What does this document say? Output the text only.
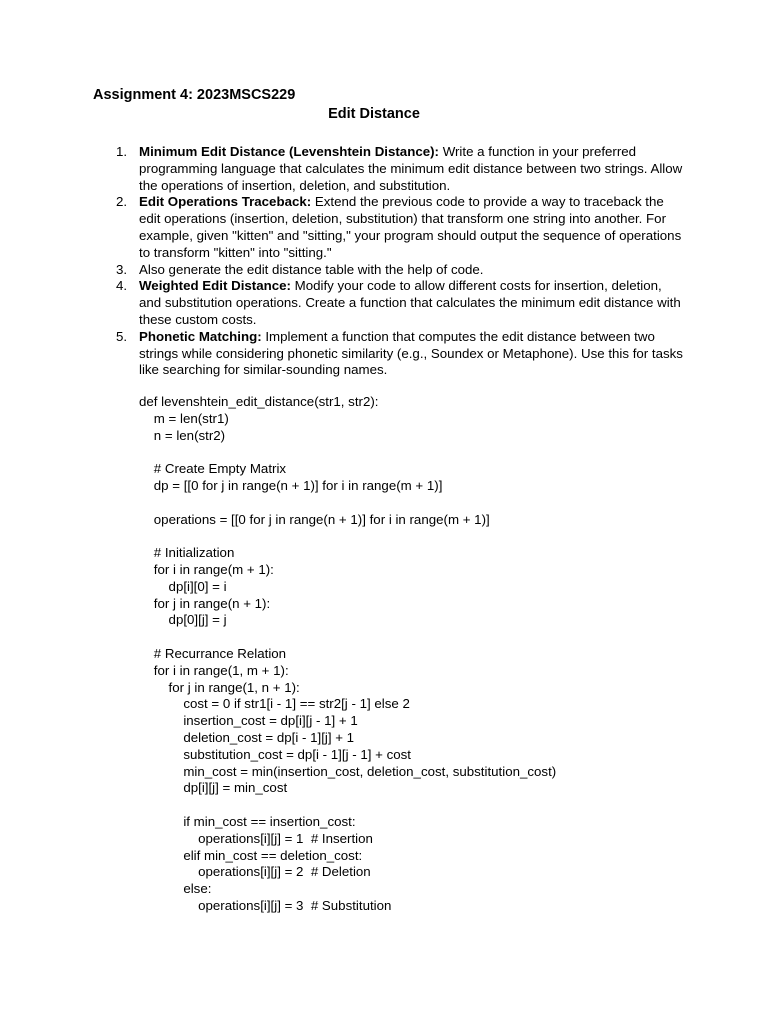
Assignment 4: 2023MSCS229
Edit Distance
1. Minimum Edit Distance (Levenshtein Distance): Write a function in your preferred programming language that calculates the minimum edit distance between two strings. Allow the operations of insertion, deletion, and substitution.
2. Edit Operations Traceback: Extend the previous code to provide a way to traceback the edit operations (insertion, deletion, substitution) that transform one string into another. For example, given "kitten" and "sitting," your program should output the sequence of operations to transform "kitten" into "sitting."
3. Also generate the edit distance table with the help of code.
4. Weighted Edit Distance: Modify your code to allow different costs for insertion, deletion, and substitution operations. Create a function that calculates the minimum edit distance with these custom costs.
5. Phonetic Matching: Implement a function that computes the edit distance between two strings while considering phonetic similarity (e.g., Soundex or Metaphone). Use this for tasks like searching for similar-sounding names.
def levenshtein_edit_distance(str1, str2):
m = len(str1)
n = len(str2)
# Create Empty Matrix
dp = [[0 for j in range(n + 1)] for i in range(m + 1)]
operations = [[0 for j in range(n + 1)] for i in range(m + 1)]
# Initialization
for i in range(m + 1):
dp[i][0] = i
for j in range(n + 1):
dp[0][j] = j
# Recurrance Relation
for i in range(1, m + 1):
for j in range(1, n + 1):
cost = 0 if str1[i - 1] == str2[j - 1] else 2
insertion_cost = dp[i][j - 1] + 1
deletion_cost = dp[i - 1][j] + 1
substitution_cost = dp[i - 1][j - 1] + cost
min_cost = min(insertion_cost, deletion_cost, substitution_cost)
dp[i][j] = min_cost
if min_cost == insertion_cost:
operations[i][j] = 1  # Insertion
elif min_cost == deletion_cost:
operations[i][j] = 2  # Deletion
else:
operations[i][j] = 3  # Substitution
